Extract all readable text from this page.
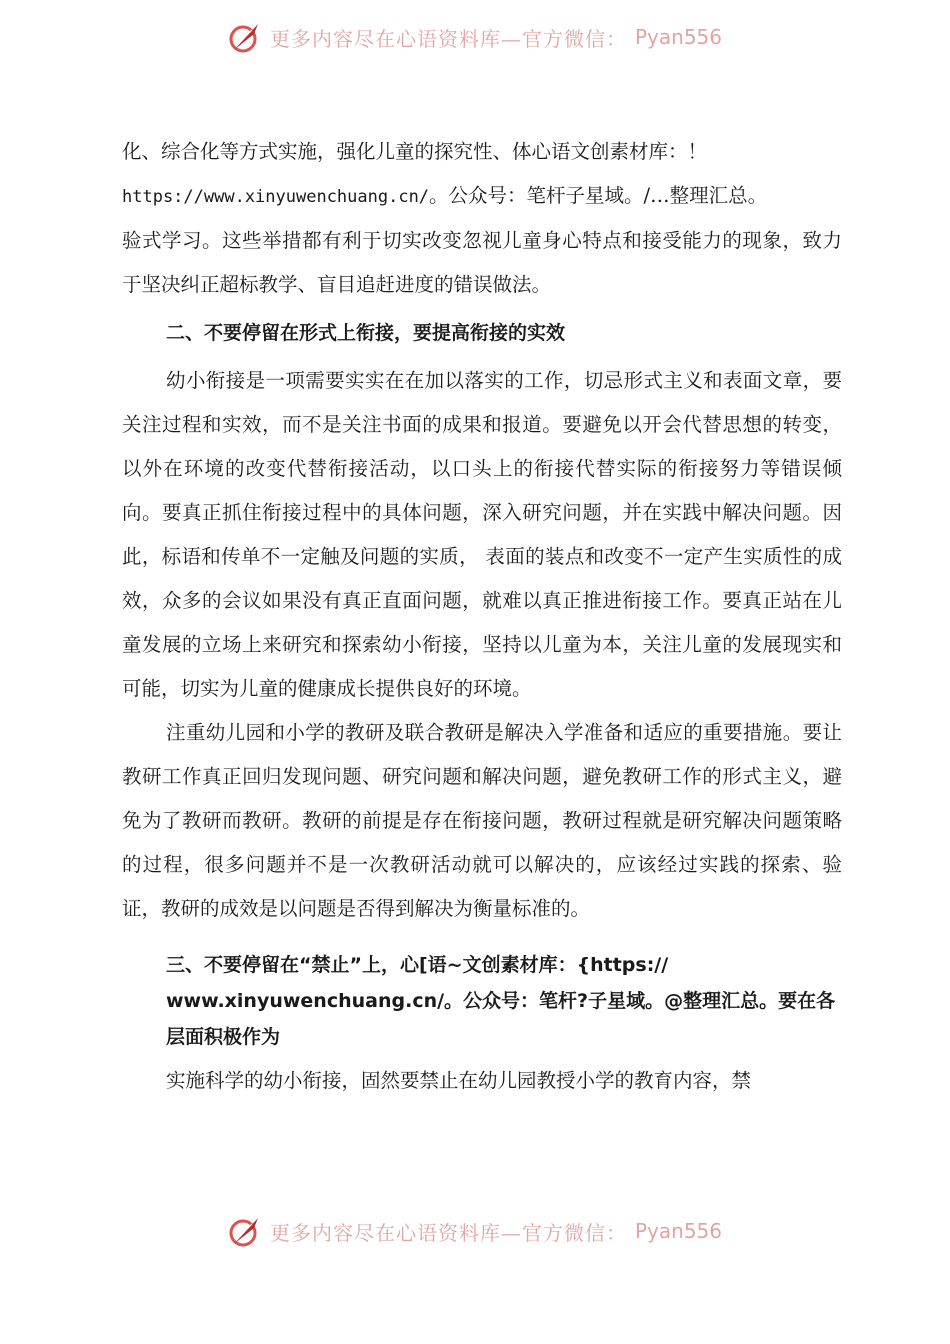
更多内容尽在心语资料库—官方微信： Pyan556

化、综合化等方式实施，强化儿童的探究性、体心语文创素材库：！
https://www.xinyuwenchuang.cn/。公众号：笔杆子星域。/…整理汇总。
验式学习。这些举措都有利于切实改变忽视儿童身心特点和接受能力的现象，致力于坚决纠正超标教学、盲目追赶进度的错误做法。

二、不要停留在形式上衔接，要提高衔接的实效

幼小衔接是一项需要实实在在加以落实的工作，切忌形式主义和表面文章，要关注过程和实效，而不是关注书面的成果和报道。要避免以开会代替思想的转变，以外在环境的改变代替衔接活动，以口头上的衔接代替实际的衔接努力等错误倾向。要真正抓住衔接过程中的具体问题，深入研究问题，并在实践中解决问题。因此，标语和传单不一定触及问题的实质， 表面的装点和改变不一定产生实质性的成效，众多的会议如果没有真正直面问题，就难以真正推进衔接工作。要真正站在儿童发展的立场上来研究和探索幼小衔接，坚持以儿童为本，关注儿童的发展现实和可能，切实为儿童的健康成长提供良好的环境。

注重幼儿园和小学的教研及联合教研是解决入学准备和适应的重要措施。要让教研工作真正回归发现问题、研究问题和解决问题，避免教研工作的形式主义，避免为了教研而教研。教研的前提是存在衔接问题，教研过程就是研究解决问题策略的过程，很多问题并不是一次教研活动就可以解决的，应该经过实践的探索、验证，教研的成效是以问题是否得到解决为衡量标准的。

三、不要停留在“禁止”上，心[语~文创素材库：{https:// www.xinyuwenchuang.cn/。公众号：笔杆?子星域。@整理汇总。要在各层面积极作为

实施科学的幼小衔接，固然要禁止在幼儿园教授小学的教育内容，禁

更多内容尽在心语资料库—官方微信： Pyan556
